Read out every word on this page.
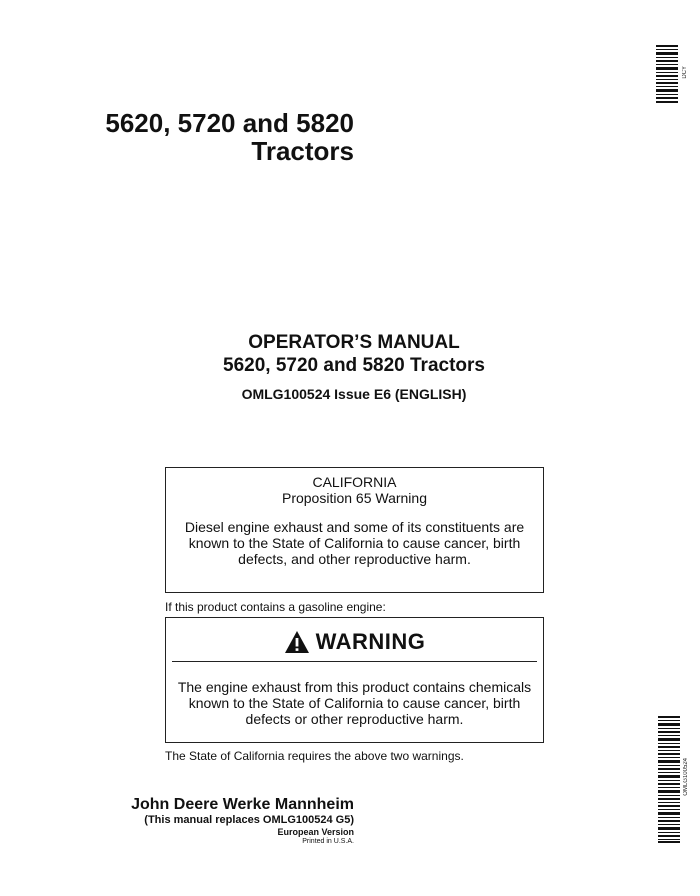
5620, 5720 and 5820
Tractors
OPERATOR’S MANUAL
5620, 5720 and 5820 Tractors
OMLG100524 Issue E6 (ENGLISH)
CALIFORNIA
Proposition 65 Warning
Diesel engine exhaust and some of its constituents are known to the State of California to cause cancer, birth defects, and other reproductive harm.
If this product contains a gasoline engine:
WARNING
The engine exhaust from this product contains chemicals known to the State of California to cause cancer, birth defects or other reproductive harm.
The State of California requires the above two warnings.
John Deere Werke Mannheim
(This manual replaces OMLG100524 G5)
European Version
Printed in U.S.A.
DCY
OMLG100524
